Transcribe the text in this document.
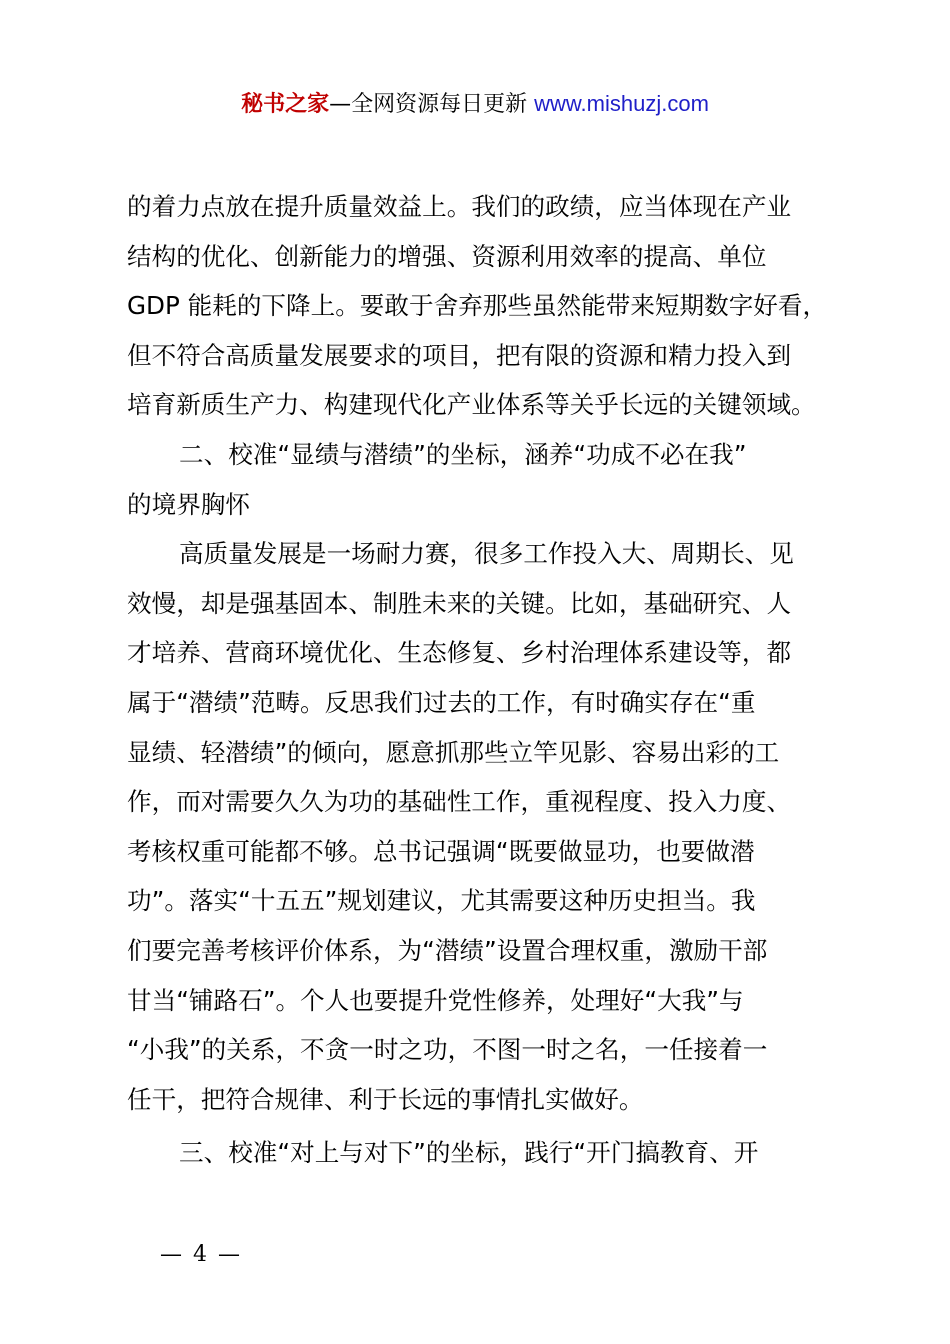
秘书之家—全网资源每日更新 www.mishuzj.com
的着力点放在提升质量效益上。我们的政绩，应当体现在产业
结构的优化、创新能力的增强、资源利用效率的提高、单位
GDP 能耗的下降上。要敢于舍弃那些虽然能带来短期数字好看，
但不符合高质量发展要求的项目，把有限的资源和精力投入到
培育新质生产力、构建现代化产业体系等关乎长远的关键领域。
二、校准“显绩与潜绩”的坐标，涵养“功成不必在我”
的境界胸怀
高质量发展是一场耐力赛，很多工作投入大、周期长、见
效慢，却是强基固本、制胜未来的关键。比如，基础研究、人
才培养、营商环境优化、生态修复、乡村治理体系建设等，都
属于“潜绩”范畴。反思我们过去的工作，有时确实存在“重
显绩、轻潜绩”的倾向，愿意抓那些立竿见影、容易出彩的工
作，而对需要久久为功的基础性工作，重视程度、投入力度、
考核权重可能都不够。总书记强调“既要做显功，也要做潜
功”。落实“十五五”规划建议，尤其需要这种历史担当。我
们要完善考核评价体系，为“潜绩”设置合理权重，激励干部
甘当“铺路石”。个人也要提升党性修养，处理好“大我”与
“小我”的关系，不贪一时之功，不图一时之名，一任接着一
任干，把符合规律、利于长远的事情扎实做好。
三、校准“对上与对下”的坐标，践行“开门搞教育、开
— 4 —
